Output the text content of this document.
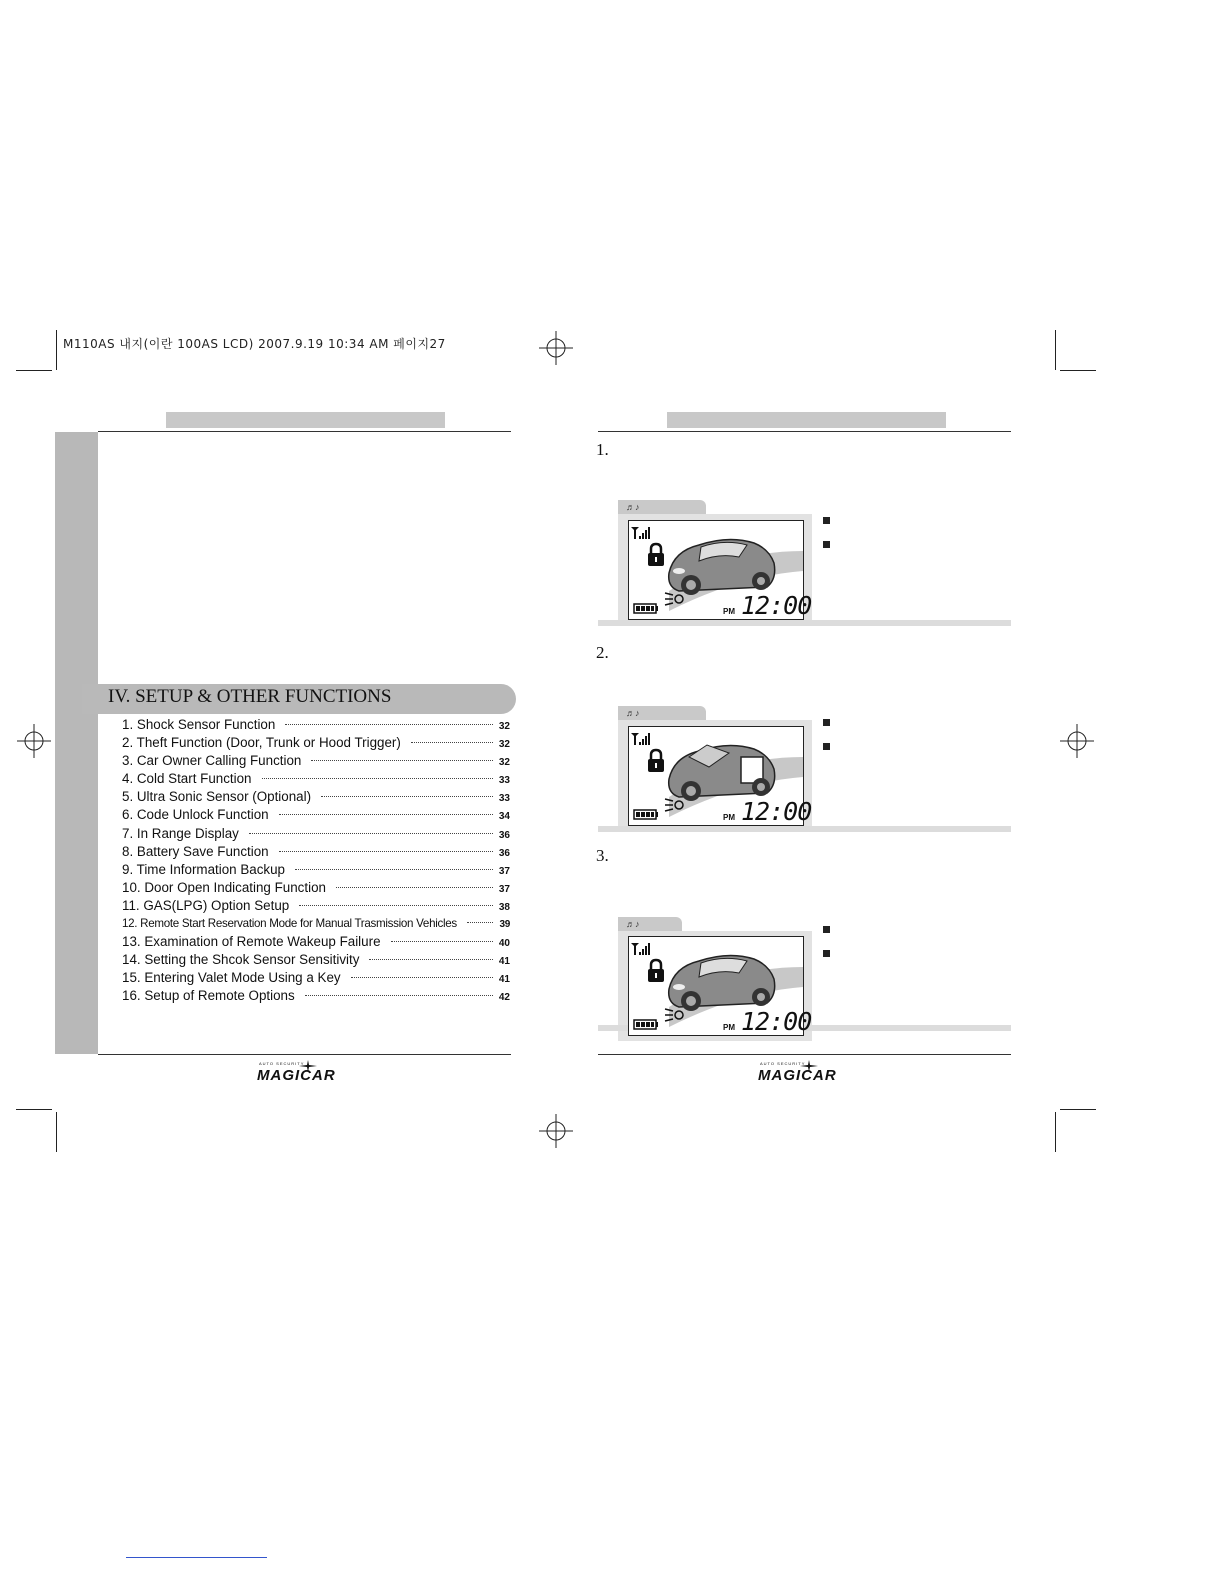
M110AS 내지(이란 100AS LCD) 2007.9.19 10:34 AM 페이지27
IV. SETUP & OTHER FUNCTIONS
1. Shock Sensor Function	32
2. Theft Function (Door, Trunk or Hood Trigger)	32
3. Car Owner Calling Function	32
4. Cold Start Function	33
5. Ultra Sonic Sensor (Optional)	33
6. Code Unlock Function	34
7. In Range Display	36
8. Battery Save Function	36
9. Time Information Backup	37
10. Door Open Indicating Function	37
11. GAS(LPG) Option Setup	38
12. Remote Start Reservation Mode for Manual Trasmission Vehicles	39
13. Examination of Remote Wakeup Failure	40
14. Setting the Shcok Sensor Sensitivity	41
15. Entering Valet Mode Using a Key	41
16. Setup of Remote Options	42
AUTO SECURITY
MAGICAR
1.
♬♪
PM 12:00
2.
♬♪
PM 12:00
3.
♬♪
PM 12:00
AUTO SECURITY
MAGICAR
